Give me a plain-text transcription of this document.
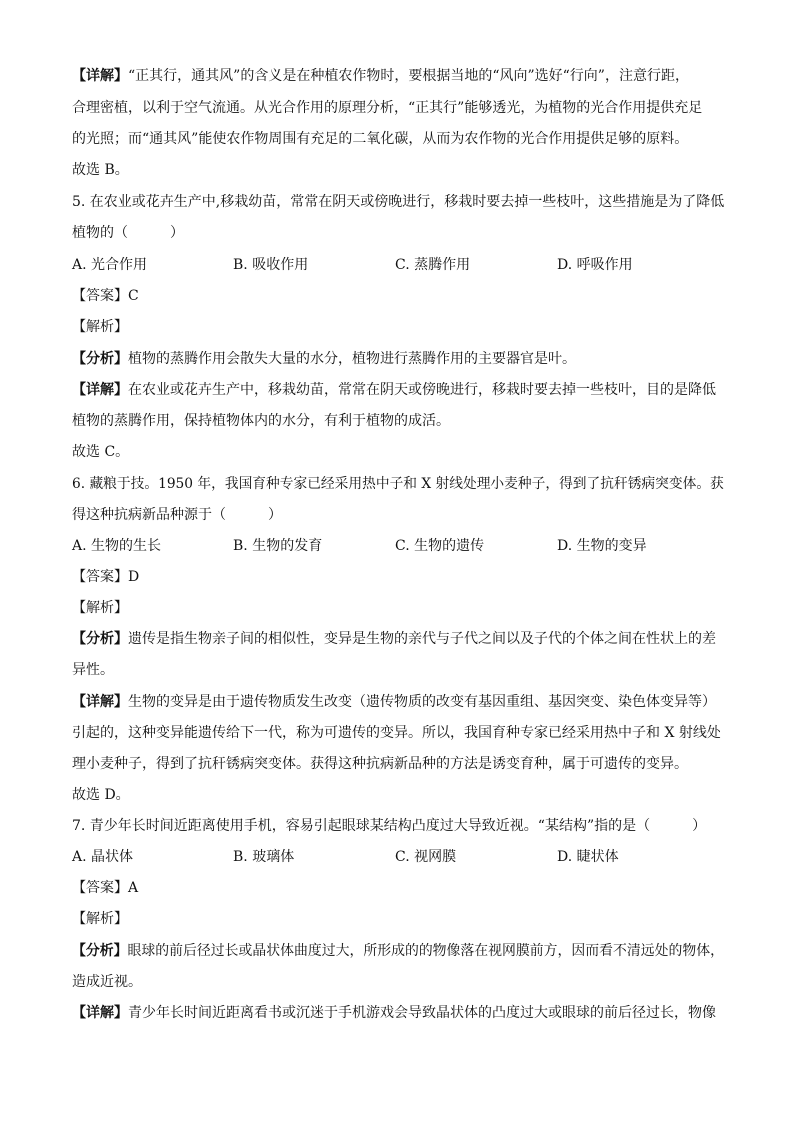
【详解】“正其行，通其风”的含义是在种植农作物时，要根据当地的“风向”选好“行向”，注意行距，
合理密植，以利于空气流通。从光合作用的原理分析，“正其行”能够透光，为植物的光合作用提供充足
的光照；而“通其风”能使农作物周围有充足的二氧化碳，从而为农作物的光合作用提供足够的原料。
故选 B。
5. 在农业或花卉生产中,移栽幼苗，常常在阴天或傍晚进行，移栽时要去掉一些枝叶，这些措施是为了降低
植物的（　　　）
A. 光合作用	B. 吸收作用	C. 蒸腾作用	D. 呼吸作用
【答案】C
【解析】
【分析】植物的蒸腾作用会散失大量的水分，植物进行蒸腾作用的主要器官是叶。
【详解】在农业或花卉生产中，移栽幼苗，常常在阴天或傍晚进行，移栽时要去掉一些枝叶，目的是降低
植物的蒸腾作用，保持植物体内的水分，有利于植物的成活。
故选 C。
6. 藏粮于技。1950 年，我国育种专家已经采用热中子和 X 射线处理小麦种子，得到了抗秆锈病突变体。获
得这种抗病新品种源于（　　　）
A. 生物的生长	B. 生物的发育	C. 生物的遗传	D. 生物的变异
【答案】D
【解析】
【分析】遗传是指生物亲子间的相似性，变异是生物的亲代与子代之间以及子代的个体之间在性状上的差
异性。
【详解】生物的变异是由于遗传物质发生改变（遗传物质的改变有基因重组、基因突变、染色体变异等）
引起的，这种变异能遗传给下一代，称为可遗传的变异。所以，我国育种专家已经采用热中子和 X 射线处
理小麦种子，得到了抗秆锈病突变体。获得这种抗病新品种的方法是诱变育种，属于可遗传的变异。
故选 D。
7. 青少年长时间近距离使用手机，容易引起眼球某结构凸度过大导致近视。“某结构”指的是（　　　）
A. 晶状体	B. 玻璃体	C. 视网膜	D. 睫状体
【答案】A
【解析】
【分析】眼球的前后径过长或晶状体曲度过大，所形成的的物像落在视网膜前方，因而看不清远处的物体，
造成近视。
【详解】青少年长时间近距离看书或沉迷于手机游戏会导致晶状体的凸度过大或眼球的前后径过长，物像
